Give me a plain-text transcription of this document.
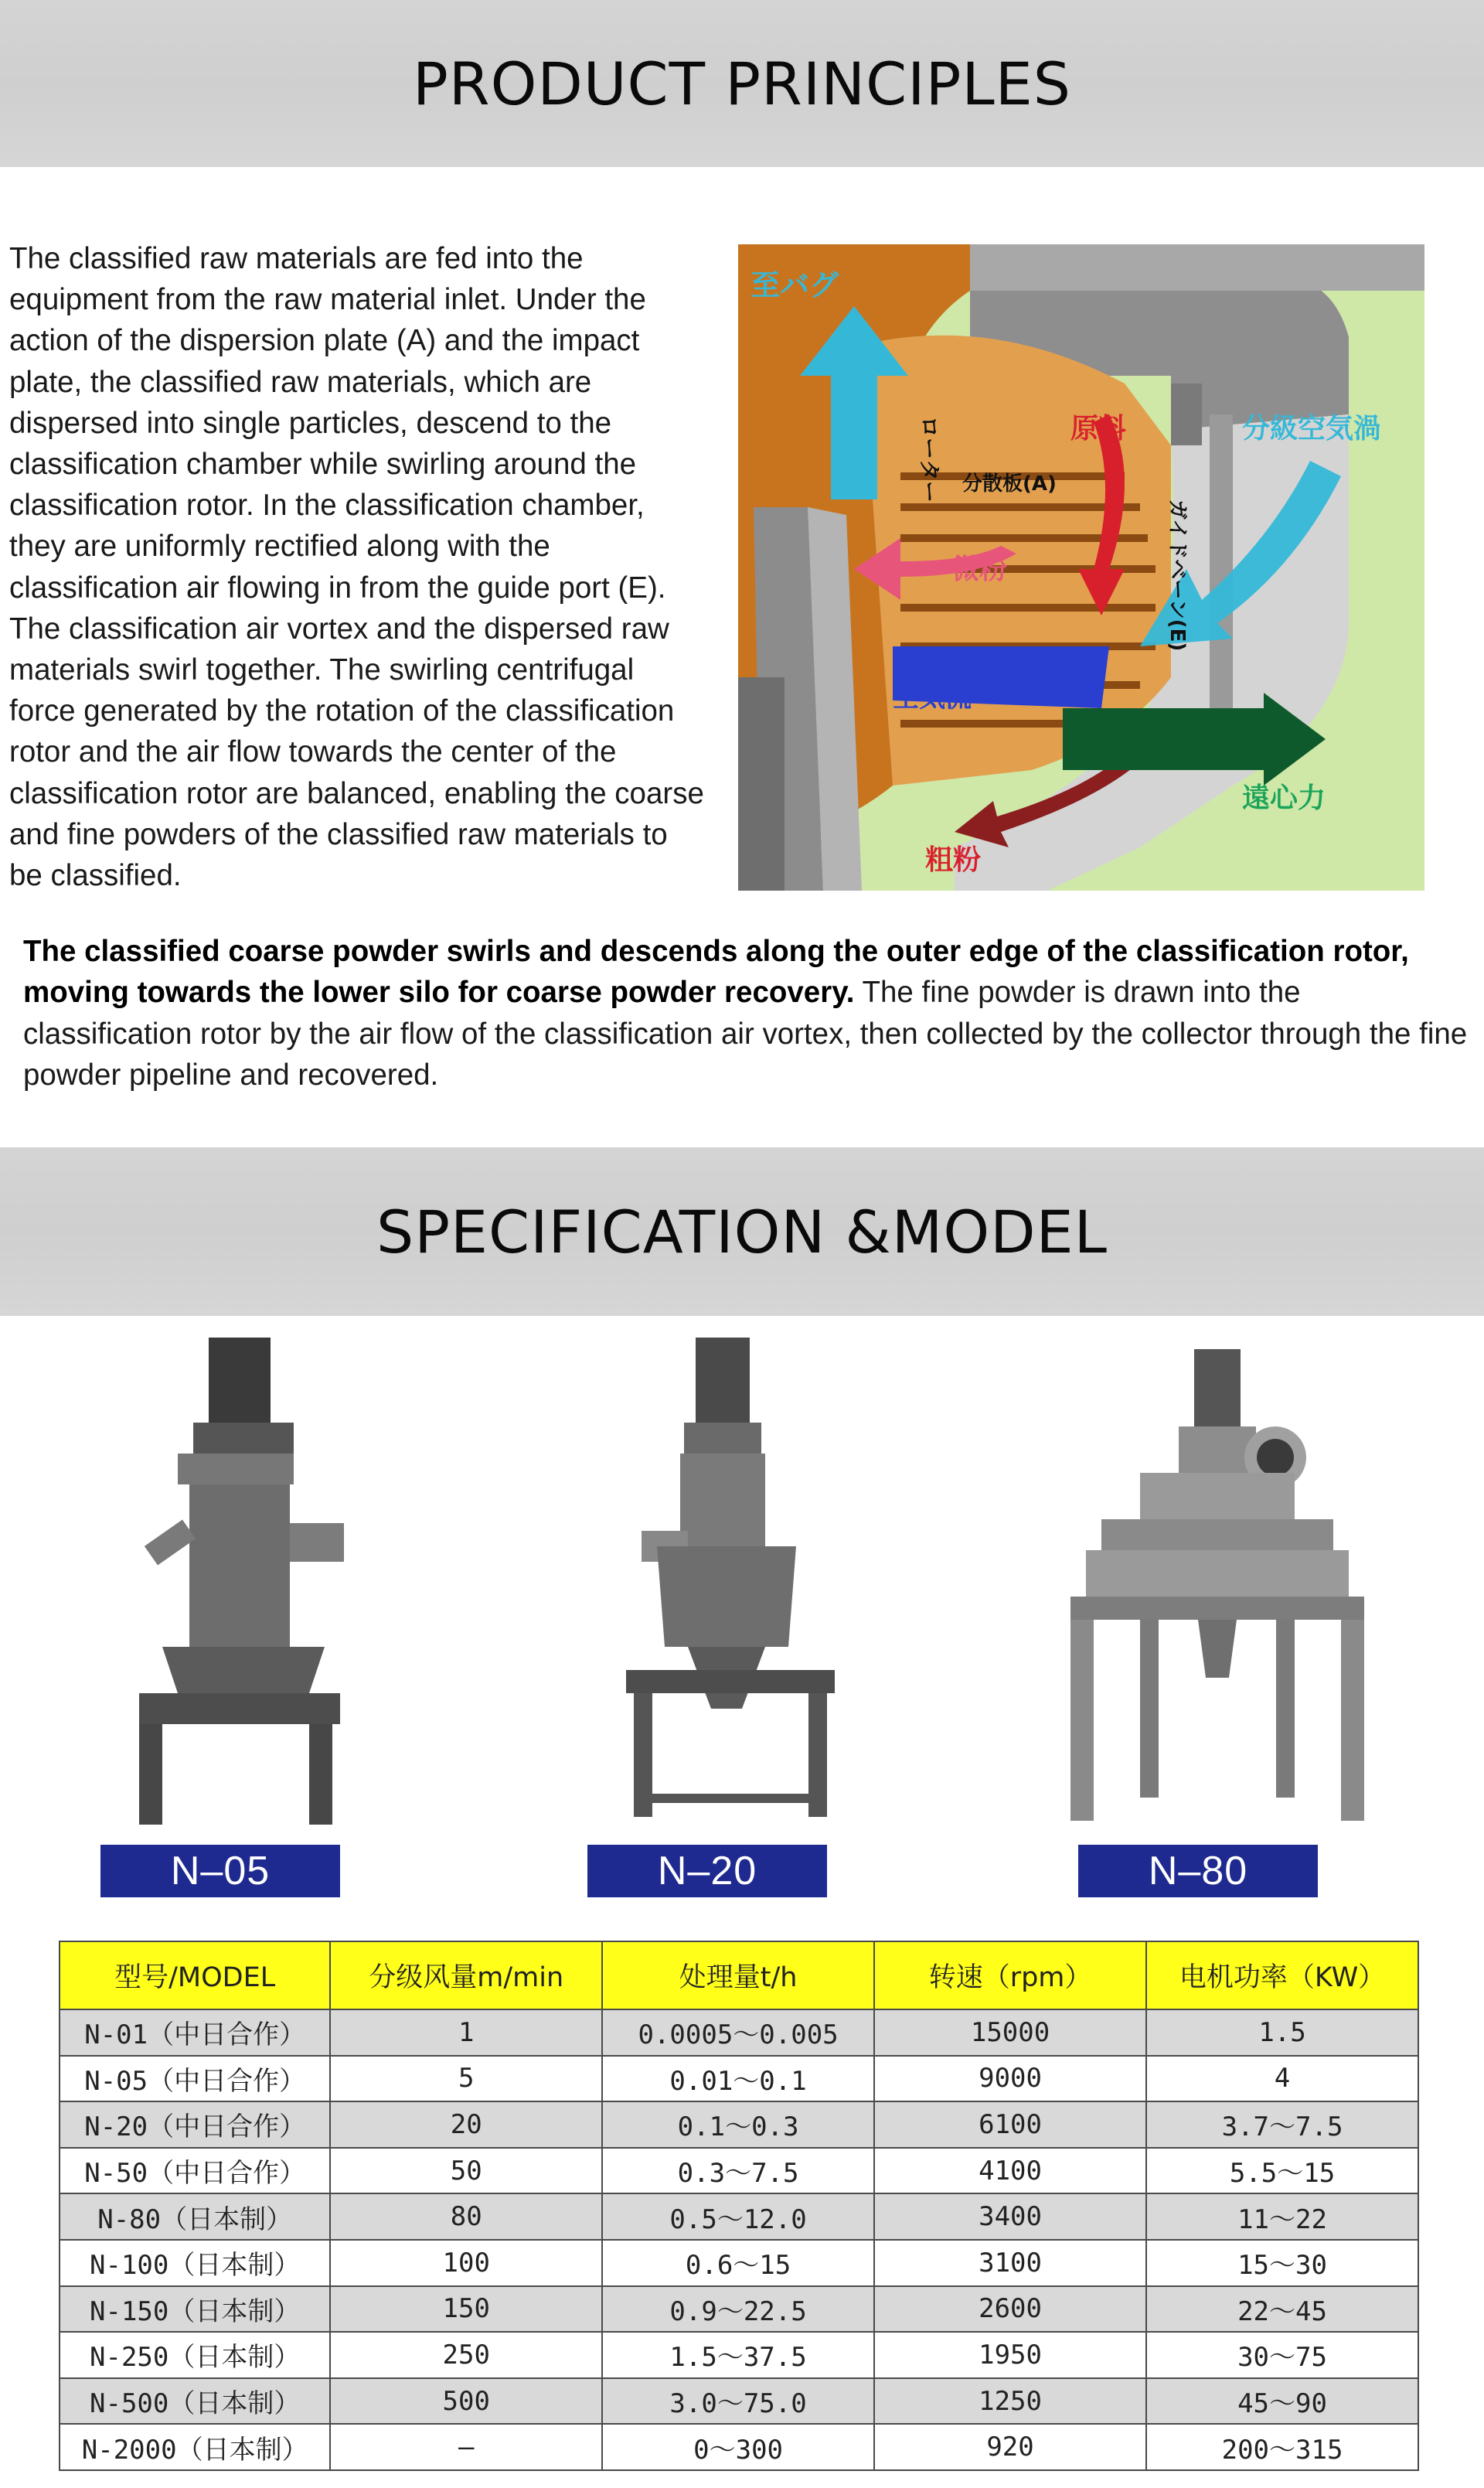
PRODUCT PRINCIPLES

The classified raw materials are fed into the equipment from the raw material inlet. Under the action of the dispersion plate (A) and the impact plate, the classified raw materials, which are dispersed into single particles, descend to the classification chamber while swirling around the classification rotor. In the classification chamber, they are uniformly rectified along with the classification air flowing in from the guide port (E). The classification air vortex and the dispersed raw materials swirl together. The swirling centrifugal force generated by the rotation of the classification rotor and the air flow towards the center of the classification rotor are balanced, enabling the coarse and fine powders of the classified raw materials to be classified.

至バグ
原料	分級空気渦
分散板(A)
微粉
空気流
遠心力
粗粉
ローター
ガイドベーン(E)

The classified coarse powder swirls and descends along the outer edge of the classification rotor, moving towards the lower silo for coarse powder recovery. The fine powder is drawn into the classification rotor by the air flow of the classification air vortex, then collected by the collector through the fine powder pipeline and recovered.

SPECIFICATION &MODEL
N–05	N–20	N–80
型号/MODEL	分级风量m/min	处理量t/h	转速（rpm）	电机功率（KW）
N-01（中日合作）	1	0.0005～0.005	15000	1.5
N-05（中日合作）	5	0.01～0.1	9000	4
N-20（中日合作）	20	0.1～0.3	6100	3.7～7.5
N-50（中日合作）	50	0.3～7.5	4100	5.5～15
N-80（日本制）	80	0.5～12.0	3400	11～22
N-100（日本制）	100	0.6～15	3100	15～30
N-150（日本制）	150	0.9～22.5	2600	22～45
N-250（日本制）	250	1.5～37.5	1950	30～75
N-500（日本制）	500	3.0～75.0	1250	45～90
N-2000（日本制）	–	0～300	920	200～315
